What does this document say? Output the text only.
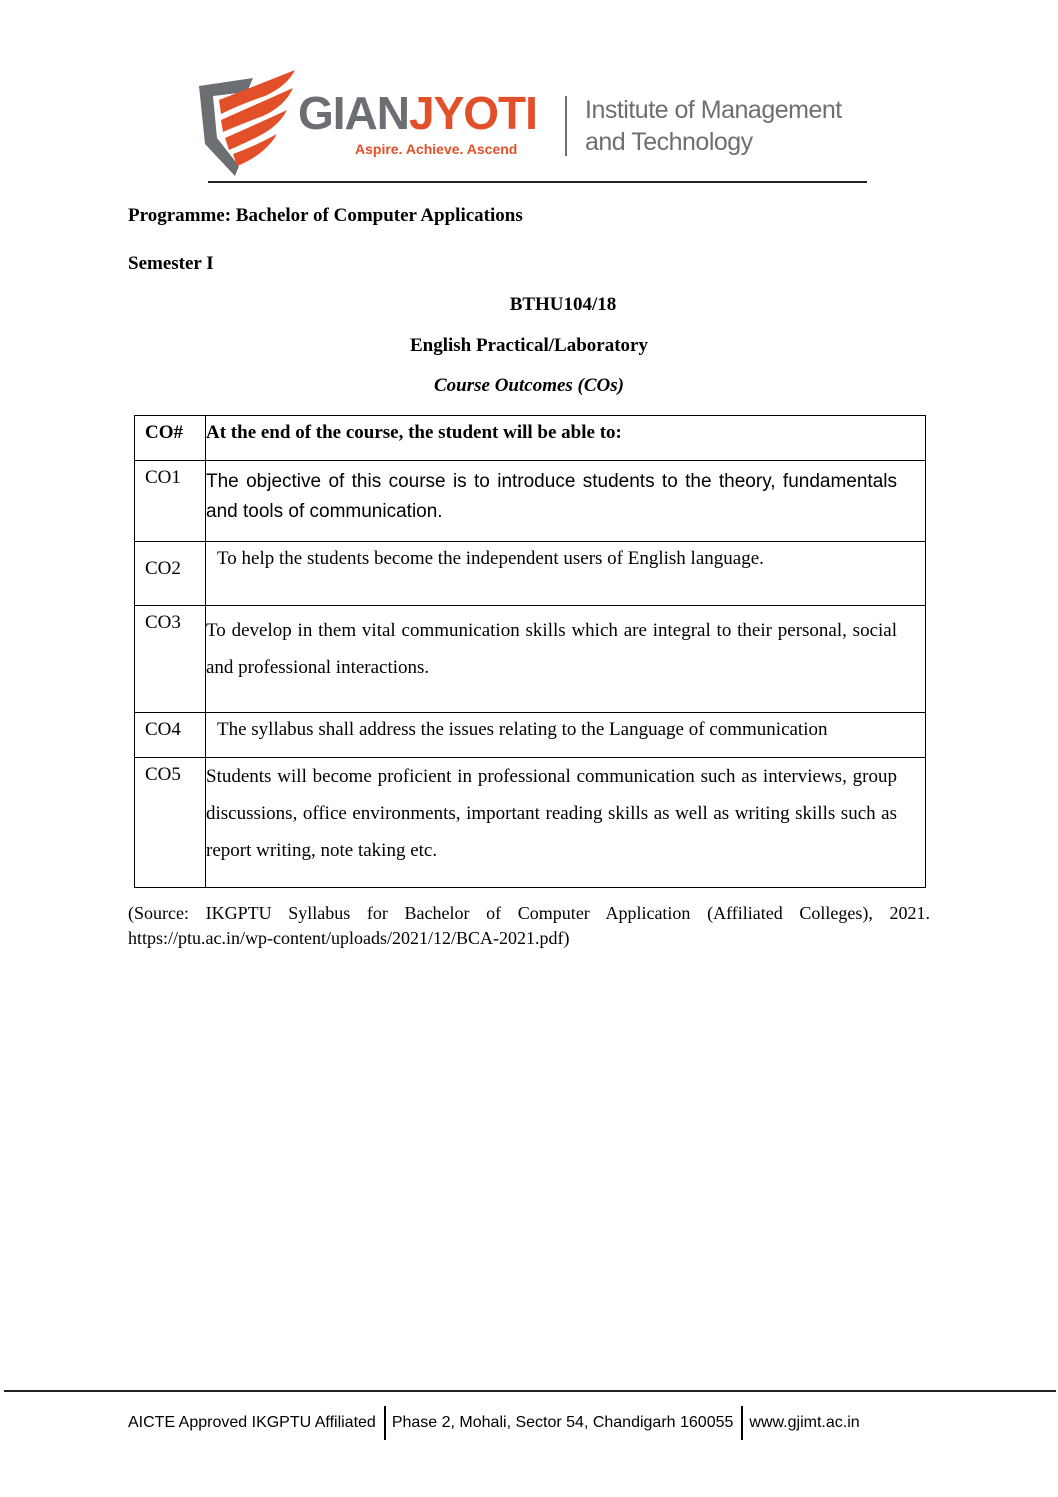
GIANJYOTI
Aspire. Achieve. Ascend
Institute of Management
and Technology
Programme: Bachelor of Computer Applications
Semester I
BTHU104/18
English Practical/Laboratory
Course Outcomes (COs)
CO#	At the end of the course, the student will be able to:
CO1	The objective of this course is to introduce students to the theory, fundamentals and tools of communication.
CO2	To help the students become the independent users of English language.
CO3	To develop in them vital communication skills which are integral to their personal, social and professional interactions.
CO4	The syllabus shall address the issues relating to the Language of communication
CO5	Students will become proficient in professional communication such as interviews, group discussions, office environments, important reading skills as well as writing skills such as report writing, note taking etc.
(Source: IKGPTU Syllabus for Bachelor of Computer Application (Affiliated Colleges), 2021. https://ptu.ac.in/wp-content/uploads/2021/12/BCA-2021.pdf)
AICTE Approved IKGPTU Affiliated Phase 2, Mohali, Sector 54, Chandigarh 160055 www.gjimt.ac.in
